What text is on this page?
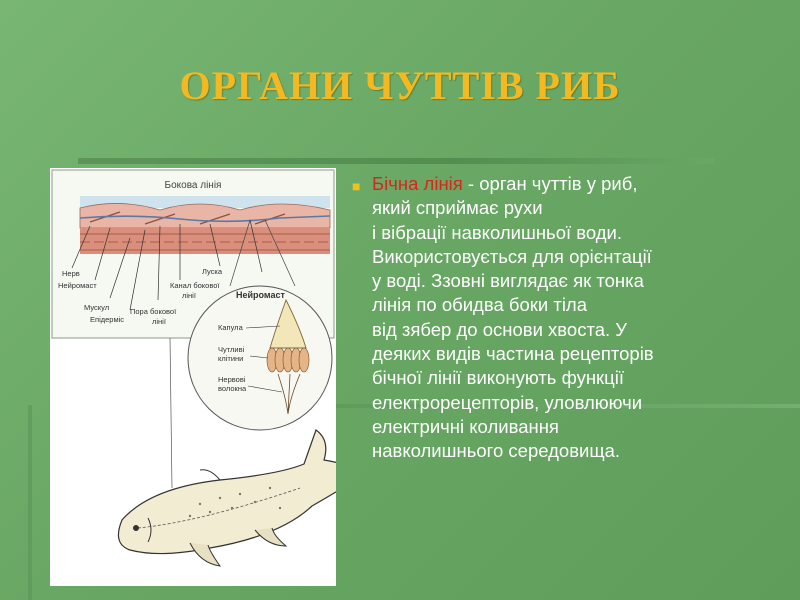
ОРГАНИ ЧУТТІВ РИБ
Бокова лінія
Нерв
Нейромаст
Мускул
Епідерміс
Пора бокової
лінії
Канал бокової
лінії
Луска
Нейромаст
Капула
Чутливі
клітини
Нервові
волокна
■ Бічна лінія - орган чуттів у риб,
який сприймає рухи
і вібрації навколишньої води.
Використовується для орієнтації
у воді. Ззовні виглядає як тонка
лінія по обидва боки тіла
від зябер до основи хвоста. У
деяких видів частина рецепторів
бічної лінії виконують функції
електрорецепторів, уловлюючи
електричні коливання
навколишнього середовища.
